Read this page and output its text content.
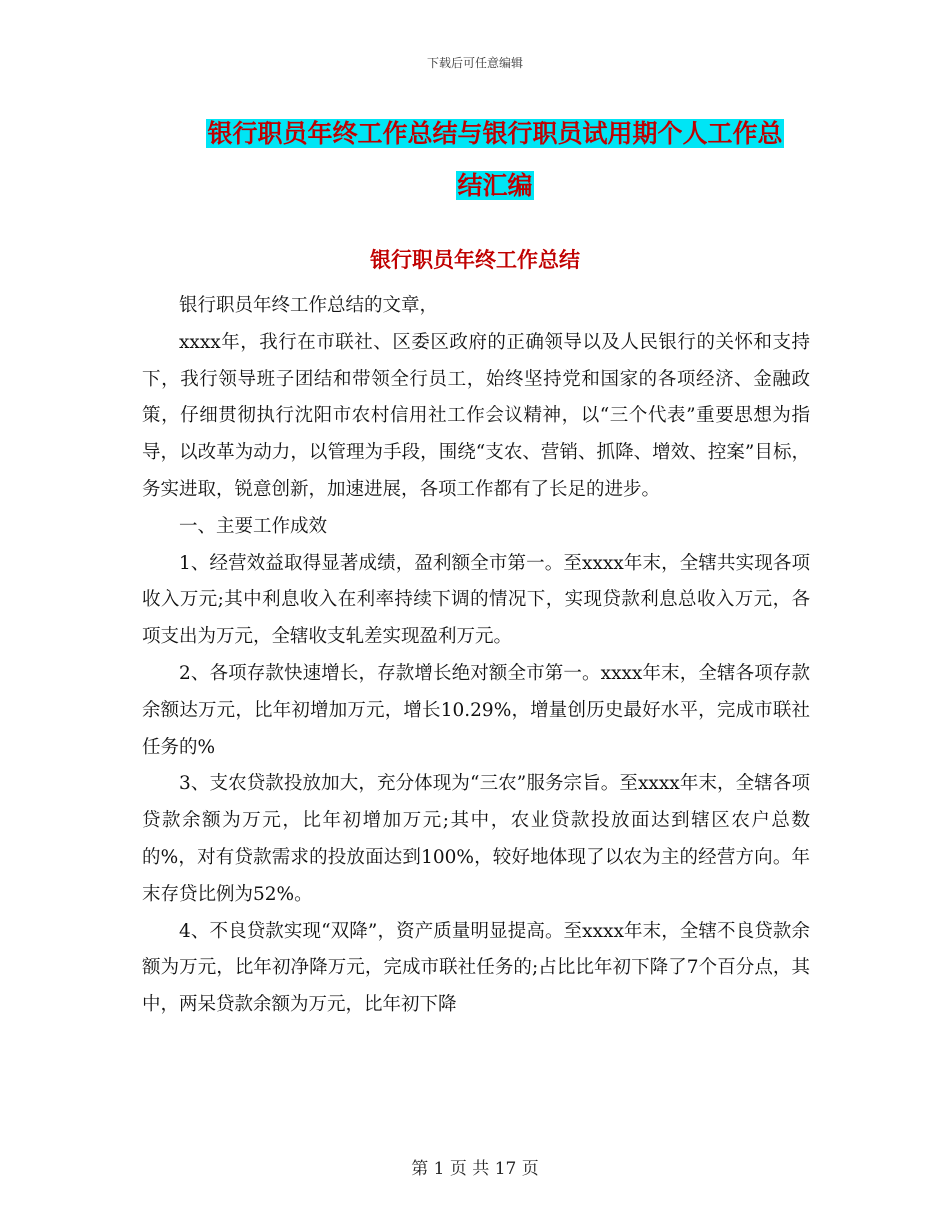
下载后可任意编辑
银行职员年终工作总结与银行职员试用期个人工作总
结汇编
银行职员年终工作总结

银行职员年终工作总结的文章，

xxxx年，我行在市联社、区委区政府的正确领导以及人民银行的关怀和支持下，我行领导班子团结和带领全行员工，始终坚持党和国家的各项经济、金融政策，仔细贯彻执行沈阳市农村信用社工作会议精神，以“三个代表”重要思想为指导，以改革为动力，以管理为手段，围绕“支农、营销、抓降、增效、控案”目标，务实进取，锐意创新，加速进展，各项工作都有了长足的进步。

一、主要工作成效

1、经营效益取得显著成绩，盈利额全市第一。至xxxx年末，全辖共实现各项收入万元;其中利息收入在利率持续下调的情况下，实现贷款利息总收入万元，各项支出为万元，全辖收支轧差实现盈利万元。

2、各项存款快速增长，存款增长绝对额全市第一。xxxx年末，全辖各项存款余额达万元，比年初增加万元，增长10.29%，增量创历史最好水平，完成市联社任务的%

3、支农贷款投放加大，充分体现为“三农”服务宗旨。至xxxx年末，全辖各项贷款余额为万元，比年初增加万元;其中，农业贷款投放面达到辖区农户总数的%，对有贷款需求的投放面达到100%，较好地体现了以农为主的经营方向。年末存贷比例为52%。

4、不良贷款实现“双降”，资产质量明显提高。至xxxx年末，全辖不良贷款余额为万元，比年初净降万元，完成市联社任务的;占比比年初下降了7个百分点，其中，两呆贷款余额为万元，比年初下降

第 1 页 共 17 页
